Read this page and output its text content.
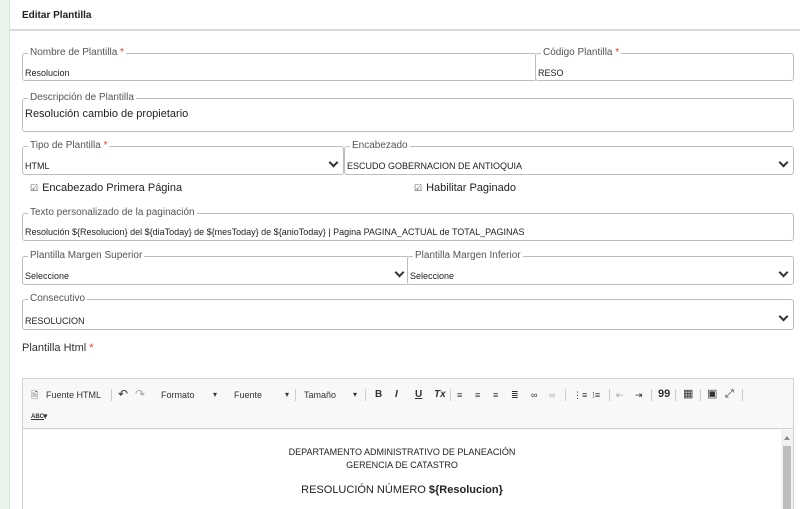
Editar Plantilla
Nombre de Plantilla *
Resolucion
Código Plantilla *
RESO
Descripción de Plantilla
Resolución cambio de propietario
Tipo de Plantilla *
HTML
Encabezado
ESCUDO GOBERNACION DE ANTIOQUIA
☑ Encabezado Primera Página	☑ Habilitar Paginado
Texto personalizado de la paginación
Resolución ${Resolucion} del ${diaToday} de ${mesToday} de ${anioToday} | Pagina PAGINA_ACTUAL de TOTAL_PAGINAS
Plantilla Margen Superior
Seleccione
Plantilla Margen Inferior
Seleccione
Consecutivo
RESOLUCION
Plantilla Html *
🗎 Fuente HTML ↶ ↷ Formato ▾ Fuente	▾ Tamaño ▾ B I U Tx ≡ ≡ ≡ ≣ ∞ ∞ ⋮≡ ⁝≡ ⇤ ⇥ 99 ▦ ▣ ⤢
ABC ▾
DEPARTAMENTO ADMINISTRATIVO DE PLANEACIÓN
GERENCIA DE CATASTRO
RESOLUCIÓN NÚMERO ${Resolucion}
